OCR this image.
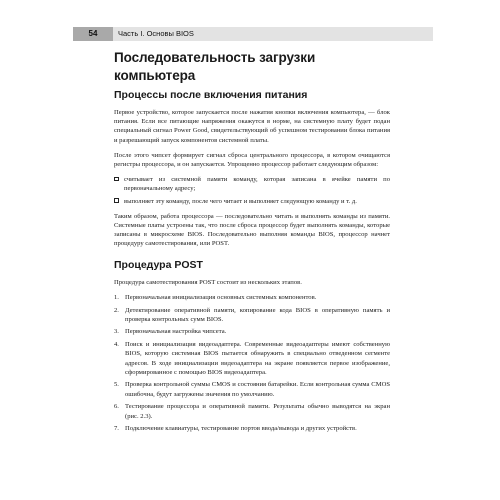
54	Часть I. Основы BIOS
Последовательность загрузки компьютера
Процессы после включения питания

Первое устройство, которое запускается после нажатия кнопки включения компьютера, — блок питания. Если все питающие напряжения окажутся в норме, на системную плату будет подан специальный сигнал Power Good, свидетельствующий об успешном тестировании блока питания и разрешающий запуск компонентов системной платы.

После этого чипсет формирует сигнал сброса центрального процессора, в котором очищаются регистры процессора, и он запускается. Упрощенно процессор работает следующим образом:

считывает из системной памяти команду, которая записана в ячейке памяти по первоначальному адресу;
выполняет эту команду, после чего читает и выполняет следующую команду и т. д.

Таким образом, работа процессора — последовательно читать и выполнять команды из памяти. Системные платы устроены так, что после сброса процессор будет выполнять команды, которые записаны в микросхеме BIOS. Последовательно выполняя команды BIOS, процессор начнет процедуру самотестирования, или POST.

Процедура POST

Процедура самотестирования POST состоит из нескольких этапов.

1. Первоначальная инициализация основных системных компонентов.
2. Детектирование оперативной памяти, копирование кода BIOS в оперативную память и проверка контрольных сумм BIOS.
3. Первоначальная настройка чипсета.
4. Поиск и инициализация видеоадаптера. Современные видеоадаптеры имеют собственную BIOS, которую системная BIOS пытается обнаружить в специально отведенном сегменте адресов. В ходе инициализации видеоадаптера на экране появляется первое изображение, сформированное с помощью BIOS видеоадаптера.
5. Проверка контрольной суммы CMOS и состояния батарейки. Если контрольная сумма CMOS ошибочна, будут загружены значения по умолчанию.
6. Тестирование процессора и оперативной памяти. Результаты обычно выводятся на экран (рис. 2.3).
7. Подключение клавиатуры, тестирование портов ввода/вывода и других устройств.
